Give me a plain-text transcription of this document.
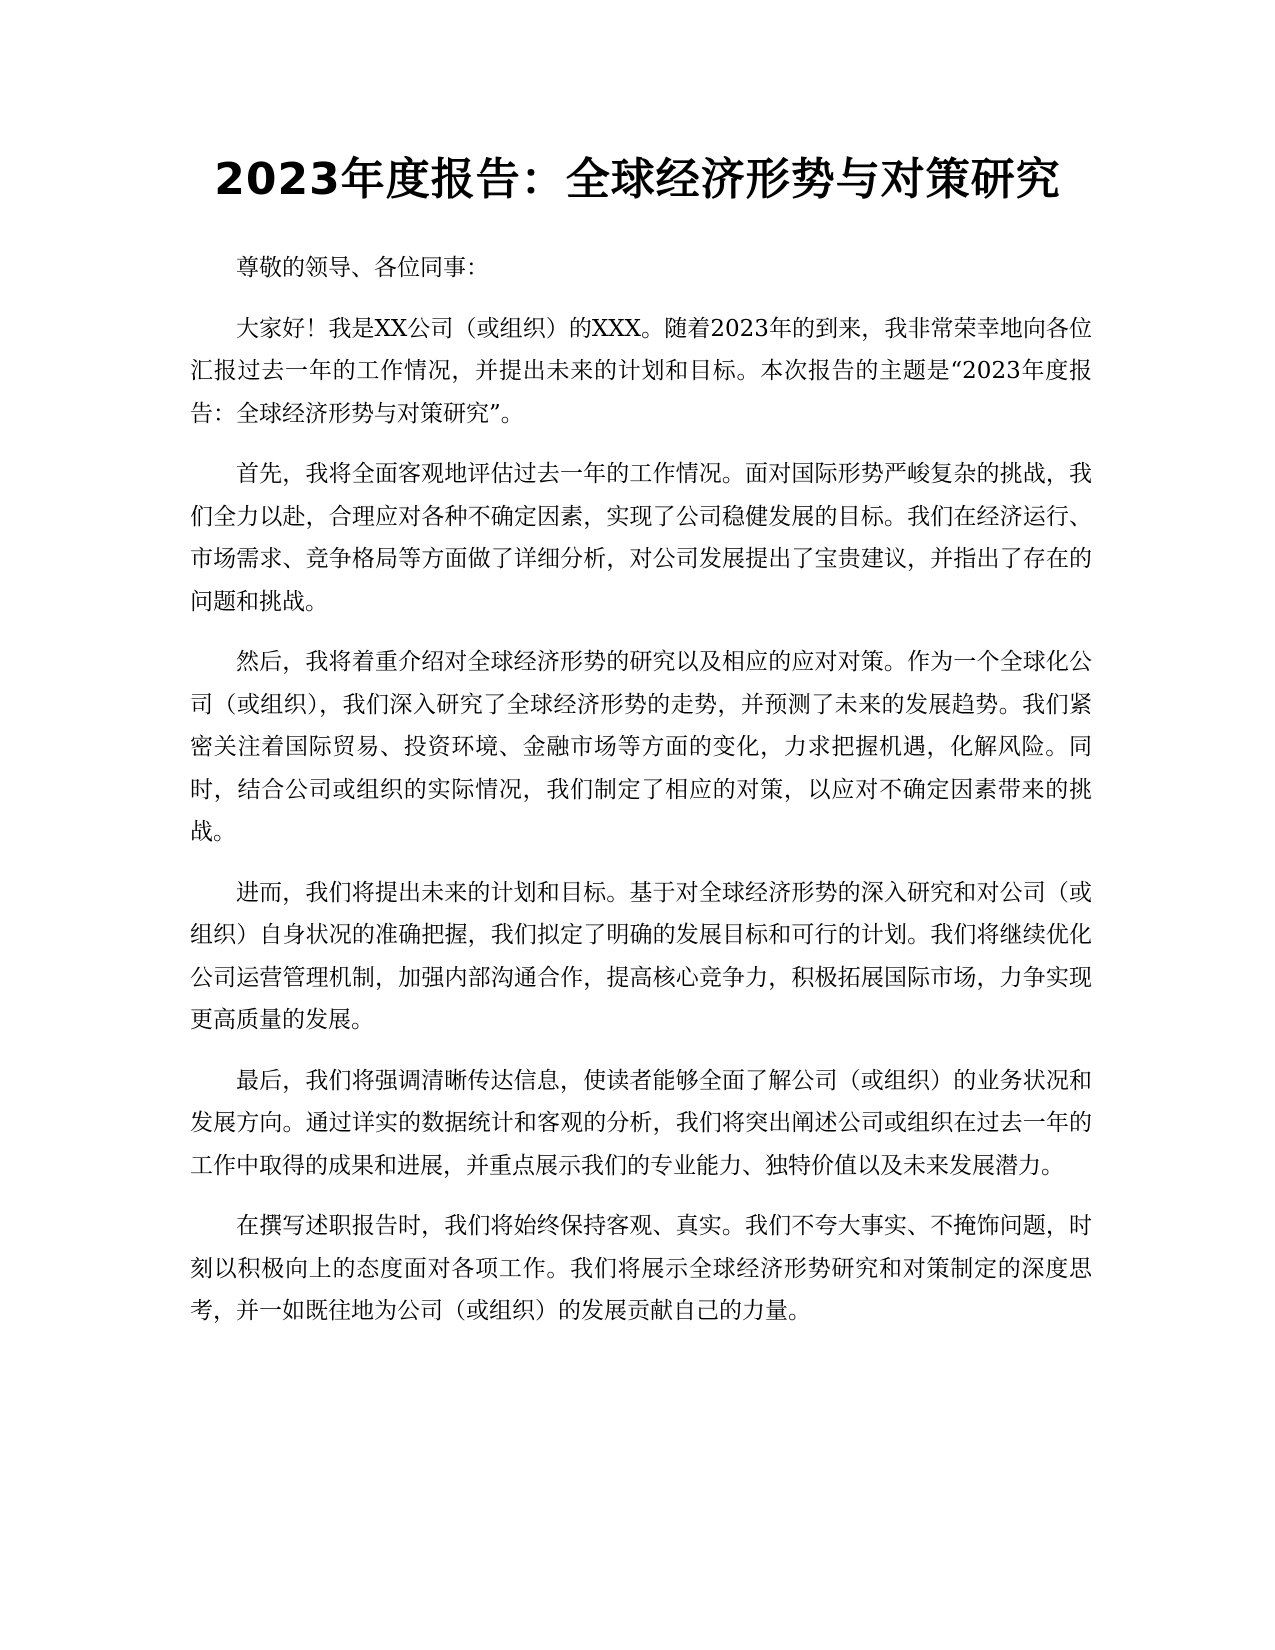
2023年度报告：全球经济形势与对策研究

尊敬的领导、各位同事：

大家好！我是XX公司（或组织）的XXX。随着2023年的到来，我非常荣幸地向各位汇报过去一年的工作情况，并提出未来的计划和目标。本次报告的主题是“2023年度报告：全球经济形势与对策研究”。

首先，我将全面客观地评估过去一年的工作情况。面对国际形势严峻复杂的挑战，我们全力以赴，合理应对各种不确定因素，实现了公司稳健发展的目标。我们在经济运行、市场需求、竞争格局等方面做了详细分析，对公司发展提出了宝贵建议，并指出了存在的问题和挑战。

然后，我将着重介绍对全球经济形势的研究以及相应的应对对策。作为一个全球化公司（或组织），我们深入研究了全球经济形势的走势，并预测了未来的发展趋势。我们紧密关注着国际贸易、投资环境、金融市场等方面的变化，力求把握机遇，化解风险。同时，结合公司或组织的实际情况，我们制定了相应的对策，以应对不确定因素带来的挑战。

进而，我们将提出未来的计划和目标。基于对全球经济形势的深入研究和对公司（或组织）自身状况的准确把握，我们拟定了明确的发展目标和可行的计划。我们将继续优化公司运营管理机制，加强内部沟通合作，提高核心竞争力，积极拓展国际市场，力争实现更高质量的发展。

最后，我们将强调清晰传达信息，使读者能够全面了解公司（或组织）的业务状况和发展方向。通过详实的数据统计和客观的分析，我们将突出阐述公司或组织在过去一年的工作中取得的成果和进展，并重点展示我们的专业能力、独特价值以及未来发展潜力。

在撰写述职报告时，我们将始终保持客观、真实。我们不夸大事实、不掩饰问题，时刻以积极向上的态度面对各项工作。我们将展示全球经济形势研究和对策制定的深度思考，并一如既往地为公司（或组织）的发展贡献自己的力量。
